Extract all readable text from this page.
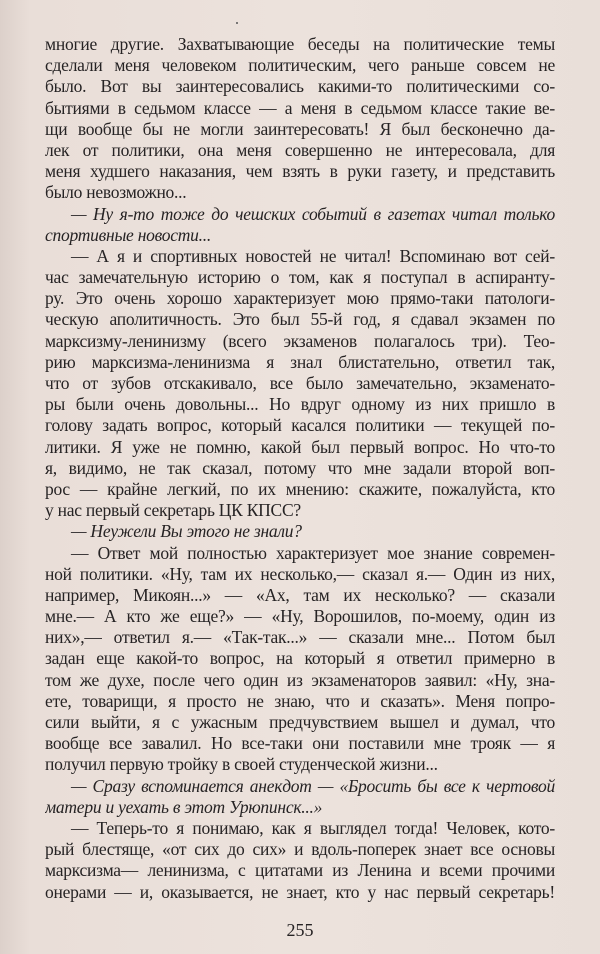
многие другие. Захватывающие беседы на политические темы
сделали меня человеком политическим, чего раньше совсем не
было. Вот вы заинтересовались какими-то политическими со-
бытиями в седьмом классе — а меня в седьмом классе такие ве-
щи вообще бы не могли заинтересовать! Я был бесконечно да-
лек от политики, она меня совершенно не интересовала, для
меня худшего наказания, чем взять в руки газету, и представить
было невозможно...
— Ну я-то тоже до чешских событий в газетах читал только
спортивные новости...
— А я и спортивных новостей не читал! Вспоминаю вот сей-
час замечательную историю о том, как я поступал в аспиранту-
ру. Это очень хорошо характеризует мою прямо-таки патологи-
ческую аполитичность. Это был 55-й год, я сдавал экзамен по
марксизму-ленинизму (всего экзаменов полагалось три). Тео-
рию марксизма-ленинизма я знал блистательно, ответил так,
что от зубов отскакивало, все было замечательно, экзаменато-
ры были очень довольны... Но вдруг одному из них пришло в
голову задать вопрос, который касался политики — текущей по-
литики. Я уже не помню, какой был первый вопрос. Но что-то
я, видимо, не так сказал, потому что мне задали второй воп-
рос — крайне легкий, по их мнению: скажите, пожалуйста, кто
у нас первый секретарь ЦК КПСС?
— Неужели Вы этого не знали?
— Ответ мой полностью характеризует мое знание современ-
ной политики. «Ну, там их несколько,— сказал я.— Один из них,
например, Микоян...» — «Ах, там их несколько? — сказали
мне.— А кто же еще?» — «Ну, Ворошилов, по-моему, один из
них»,— ответил я.— «Так-так...» — сказали мне... Потом был
задан еще какой-то вопрос, на который я ответил примерно в
том же духе, после чего один из экзаменаторов заявил: «Ну, зна-
ете, товарищи, я просто не знаю, что и сказать». Меня попро-
сили выйти, я с ужасным предчувствием вышел и думал, что
вообще все завалил. Но все-таки они поставили мне трояк — я
получил первую тройку в своей студенческой жизни...
— Сразу вспоминается анекдот — «Бросить бы все к чертовой
матери и уехать в этот Урюпинск...»
— Теперь-то я понимаю, как я выглядел тогда! Человек, кото-
рый блестяще, «от сих до сих» и вдоль-поперек знает все основы
марксизма— ленинизма, с цитатами из Ленина и всеми прочими
онерами — и, оказывается, не знает, кто у нас первый секретарь!
255
